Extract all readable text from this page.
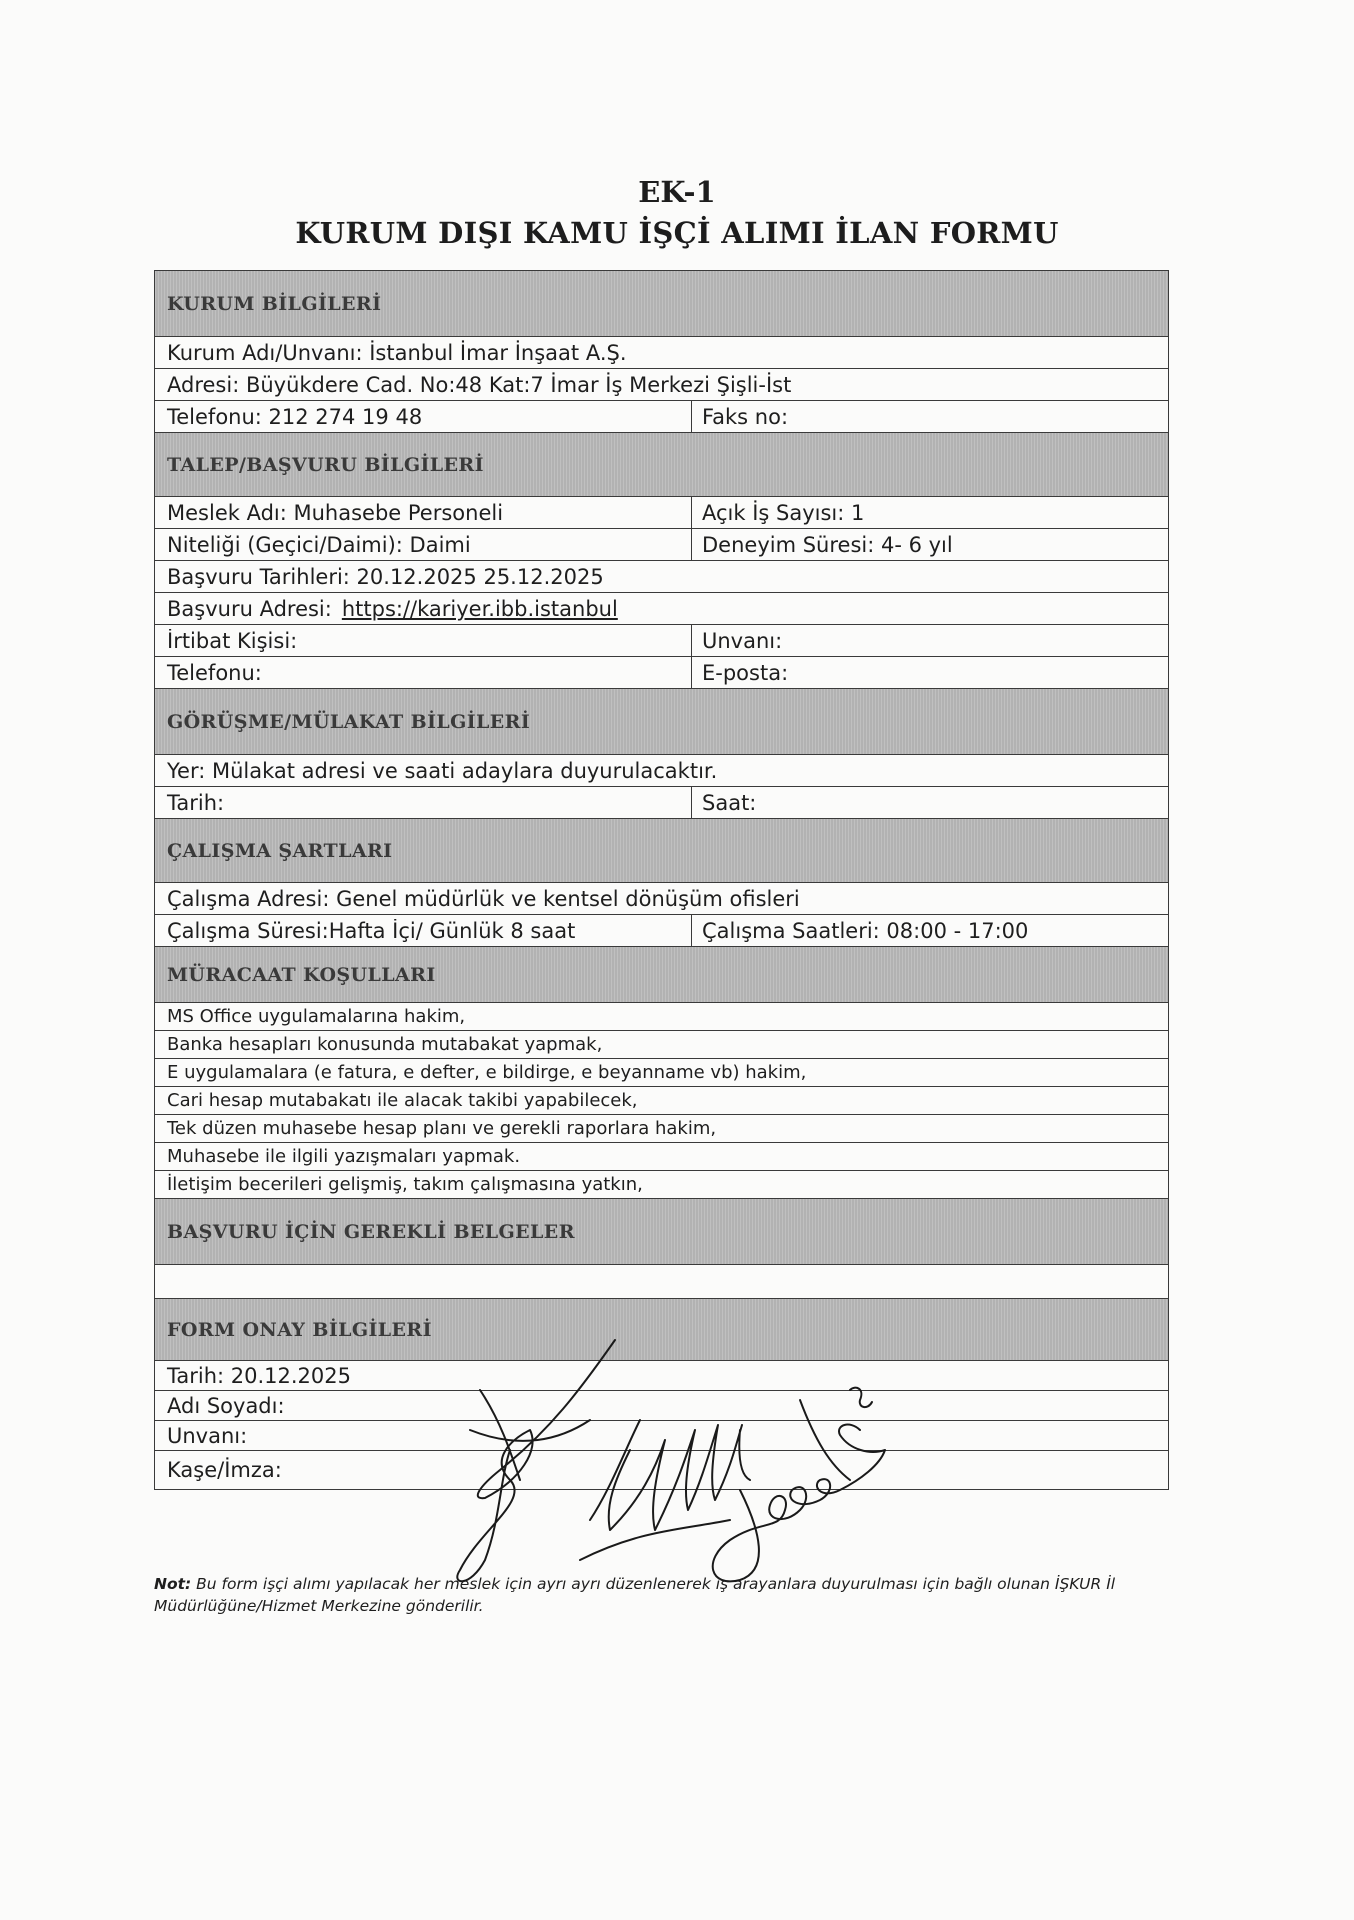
EK-1
KURUM DIŞI KAMU İŞÇİ ALIMI İLAN FORMU
KURUM BİLGİLERİ
Kurum Adı/Unvanı: İstanbul İmar İnşaat A.Ş.
Adresi: Büyükdere Cad. No:48 Kat:7 İmar İş Merkezi Şişli-İst
Telefonu: 212 274 19 48	Faks no:
TALEP/BAŞVURU BİLGİLERİ
Meslek Adı: Muhasebe Personeli	Açık İş Sayısı: 1
Niteliği (Geçici/Daimi): Daimi	Deneyim Süresi: 4- 6 yıl
Başvuru Tarihleri: 20.12.2025 25.12.2025
Başvuru Adresi: https://kariyer.ibb.istanbul
İrtibat Kişisi:	Unvanı:
Telefonu:	E-posta:
GÖRÜŞME/MÜLAKAT BİLGİLERİ
Yer: Mülakat adresi ve saati adaylara duyurulacaktır.
Tarih:	Saat:
ÇALIŞMA ŞARTLARI
Çalışma Adresi: Genel müdürlük ve kentsel dönüşüm ofisleri
Çalışma Süresi:Hafta İçi/ Günlük 8 saat	Çalışma Saatleri: 08:00 - 17:00
MÜRACAAT KOŞULLARI
MS Office uygulamalarına hakim,
Banka hesapları konusunda mutabakat yapmak,
E uygulamalara (e fatura, e defter, e bildirge, e beyanname vb) hakim,
Cari hesap mutabakatı ile alacak takibi yapabilecek,
Tek düzen muhasebe hesap planı ve gerekli raporlara hakim,
Muhasebe ile ilgili yazışmaları yapmak.
İletişim becerileri gelişmiş, takım çalışmasına yatkın,
BAŞVURU İÇİN GEREKLİ BELGELER
FORM ONAY BİLGİLERİ
Tarih: 20.12.2025
Adı Soyadı:
Unvanı:
Kaşe/İmza:
Not: Bu form işçi alımı yapılacak her meslek için ayrı ayrı düzenlenerek iş arayanlara duyurulması için bağlı olunan İŞKUR İl Müdürlüğüne/Hizmet Merkezine gönderilir.
